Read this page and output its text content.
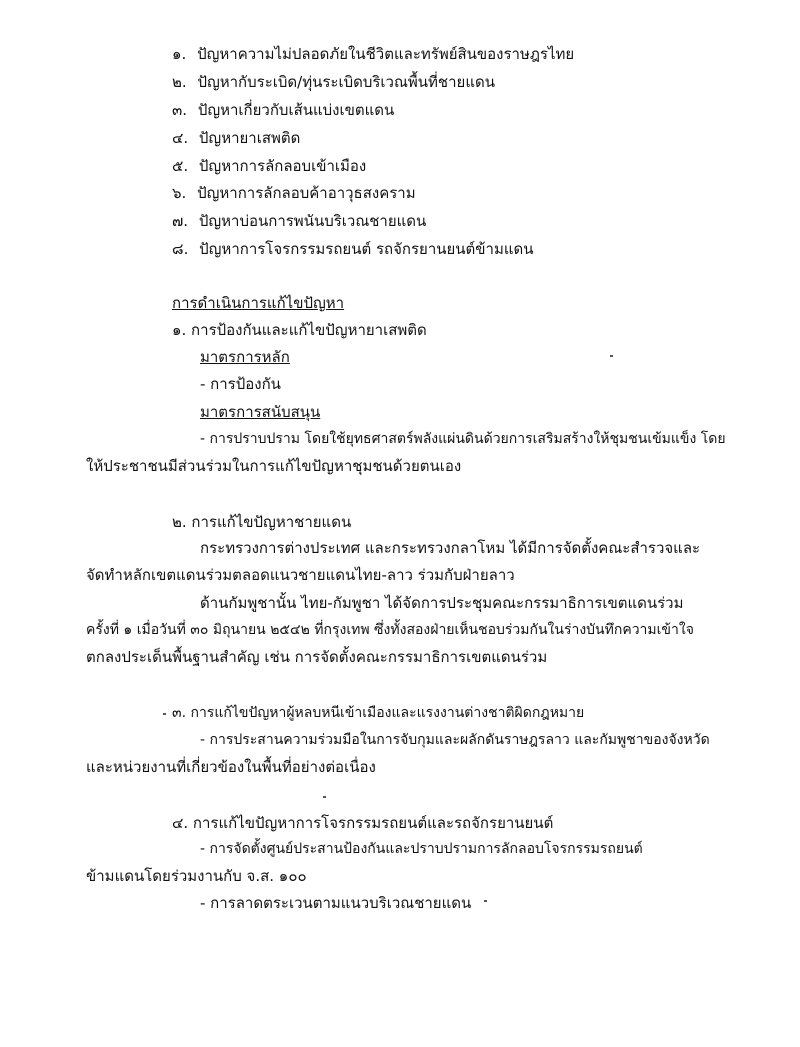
๑. ปัญหาความไม่ปลอดภัยในชีวิตและทรัพย์สินของราษฎรไทย
๒. ปัญหากับระเบิด/ทุ่นระเบิดบริเวณพื้นที่ชายแดน
๓. ปัญหาเกี่ยวกับเส้นแบ่งเขตแดน
๔. ปัญหายาเสพติด
๕. ปัญหาการลักลอบเข้าเมือง
๖. ปัญหาการลักลอบค้าอาวุธสงคราม
๗. ปัญหาบ่อนการพนันบริเวณชายแดน
๘. ปัญหาการโจรกรรมรถยนต์ รถจักรยานยนต์ข้ามแดน
การดำเนินการแก้ไขปัญหา
๑. การป้องกันและแก้ไขปัญหายาเสพติด
มาตรการหลัก
- การป้องกัน
มาตรการสนับสนุน
- การปราบปราม โดยใช้ยุทธศาสตร์พลังแผ่นดินด้วยการเสริมสร้างให้ชุมชนเข้มแข็ง โดย
ให้ประชาชนมีส่วนร่วมในการแก้ไขปัญหาชุมชนด้วยตนเอง
๒. การแก้ไขปัญหาชายแดน
กระทรวงการต่างประเทศ และกระทรวงกลาโหม ได้มีการจัดตั้งคณะสำรวจและ
จัดทำหลักเขตแดนร่วมตลอดแนวชายแดนไทย-ลาว ร่วมกับฝ่ายลาว
ด้านกัมพูชานั้น ไทย-กัมพูชา ได้จัดการประชุมคณะกรรมาธิการเขตแดนร่วม
ครั้งที่ ๑ เมื่อวันที่ ๓๐ มิถุนายน ๒๕๔๒ ที่กรุงเทพ ซึ่งทั้งสองฝ่ายเห็นชอบร่วมกันในร่างบันทึกความเข้าใจ
ตกลงประเด็นพื้นฐานสำคัญ เช่น การจัดตั้งคณะกรรมาธิการเขตแดนร่วม
๓. การแก้ไขปัญหาผู้หลบหนีเข้าเมืองและแรงงานต่างชาติผิดกฎหมาย
- การประสานความร่วมมือในการจับกุมและผลักดันราษฎรลาว และกัมพูชาของจังหวัด
และหน่วยงานที่เกี่ยวข้องในพื้นที่อย่างต่อเนื่อง
๔. การแก้ไขปัญหาการโจรกรรมรถยนต์และรถจักรยานยนต์
- การจัดตั้งศูนย์ประสานป้องกันและปราบปรามการลักลอบโจรกรรมรถยนต์
ข้ามแดนโดยร่วมงานกับ จ.ส. ๑๐๐
- การลาดตระเวนตามแนวบริเวณชายแดน
